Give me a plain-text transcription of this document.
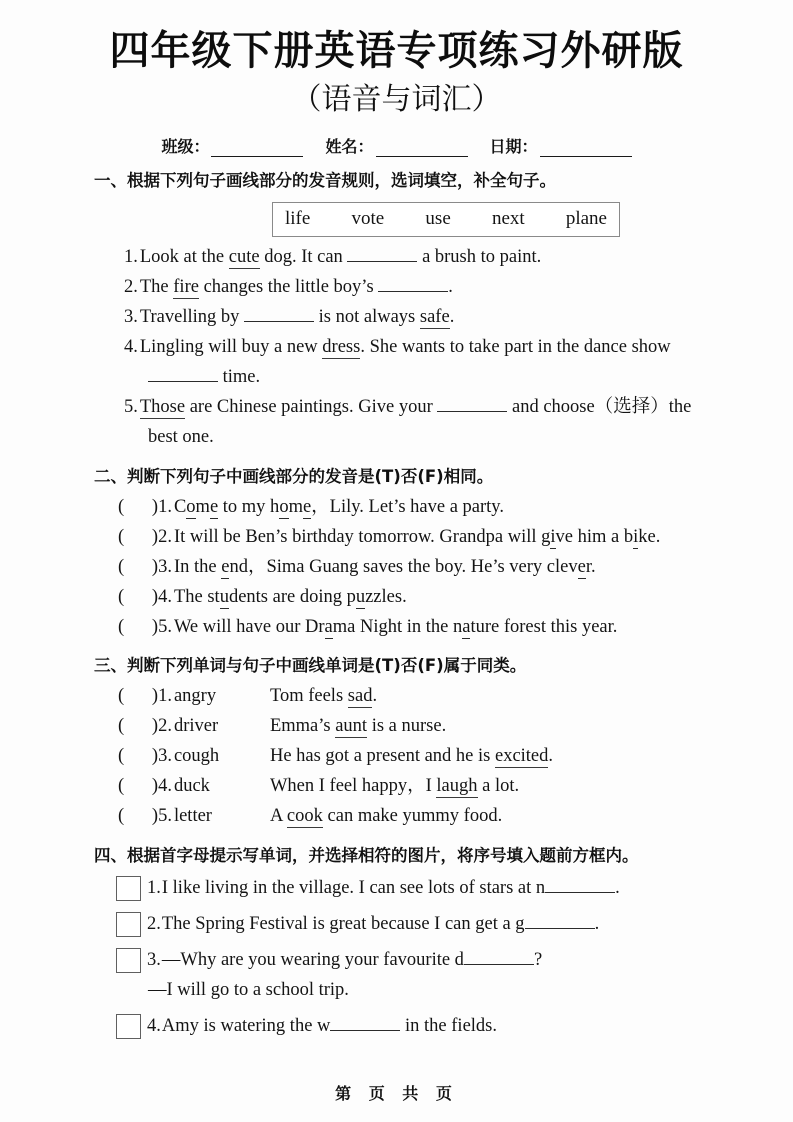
四年级下册英语专项练习外研版
（语音与词汇）
班级：	姓名：	日期：
一、根据下列句子画线部分的发音规则，选词填空，补全句子。
life vote use next plane
1. Look at the cute dog. It can	a brush to paint.
2. The fire changes the little boy’s	.
3. Travelling by	is not always safe.
4. Lingling will buy a new dress. She wants to take part in the dance show
time.
5. Those are Chinese paintings. Give your	and choose（选择）the
best one.
二、判断下列句子中画线部分的发音是(T)否(F)相同。
(      ) 1. Come to my home，Lily. Let’s have a party.
(      ) 2. It will be Ben’s birthday tomorrow. Grandpa will give him a bike.
(      ) 3. In the end，Sima Guang saves the boy. He’s very clever.
(      ) 4. The students are doing puzzles.
(      ) 5. We will have our Drama Night in the nature forest this year.
三、判断下列单词与句子中画线单词是(T)否(F)属于同类。
(      ) 1. angry	Tom feels sad.
(      ) 2. driver	Emma’s aunt is a nurse.
(      ) 3. cough	He has got a present and he is excited.
(      ) 4. duck	When I feel happy，I laugh a lot.
(      ) 5. letter	A cook can make yummy food.
四、根据首字母提示写单词，并选择相符的图片，将序号填入题前方框内。
1. I like living in the village. I can see lots of stars at n	.
2. The Spring Festival is great because I can get a g	.
3. —Why are you wearing your favourite d	?
—I will go to a school trip.
4. Amy is watering the w	in the fields.
第 页 共 页
